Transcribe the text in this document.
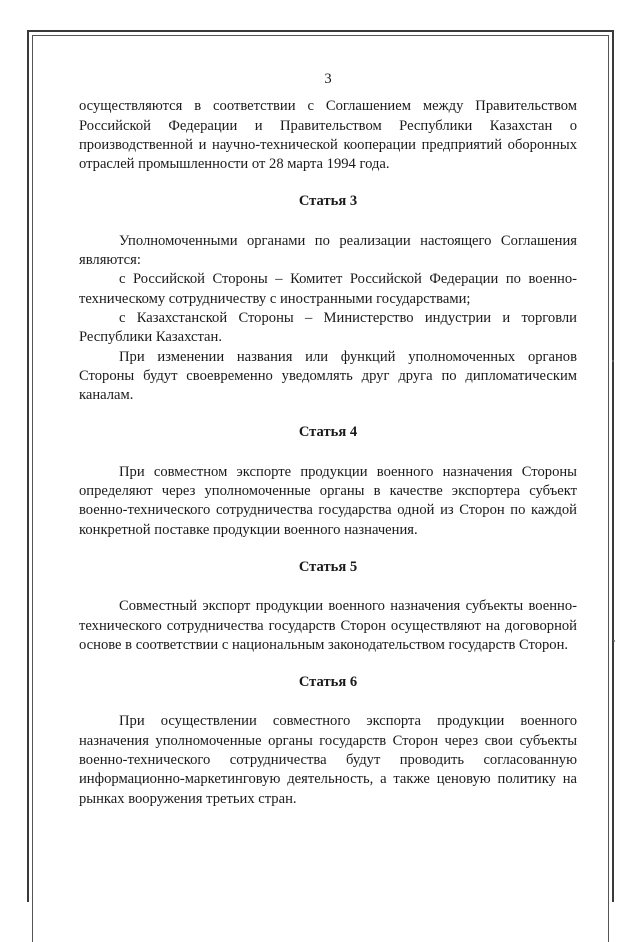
3

осуществляются в соответствии с Соглашением между Правительством Российской Федерации и Правительством Республики Казахстан о производственной и научно-технической кооперации предприятий оборонных отраслей промышленности от 28 марта 1994 года.

Статья 3

Уполномоченными органами по реализации настоящего Соглашения являются:

с Российской Стороны – Комитет Российской Федерации по военно-техническому сотрудничеству с иностранными государствами;

с Казахстанской Стороны – Министерство индустрии и торговли Республики Казахстан.

При изменении названия или функций уполномоченных органов Стороны будут своевременно уведомлять друг друга по дипломатическим каналам.

Статья 4

При совместном экспорте продукции военного назначения Стороны определяют через уполномоченные органы в качестве экспортера субъект военно-технического сотрудничества государства одной из Сторон по каждой конкретной поставке продукции военного назначения.

Статья 5

Совместный экспорт продукции военного назначения субъекты военно-технического сотрудничества государств Сторон осуществляют на договорной основе в соответствии с национальным законодательством государств Сторон.

Статья 6

При осуществлении совместного экспорта продукции военного назначения уполномоченные органы государств Сторон через свои субъекты военно-технического сотрудничества будут проводить согласованную информационно-маркетинговую деятельность, а также ценовую политику на рынках вооружения третьих стран.
